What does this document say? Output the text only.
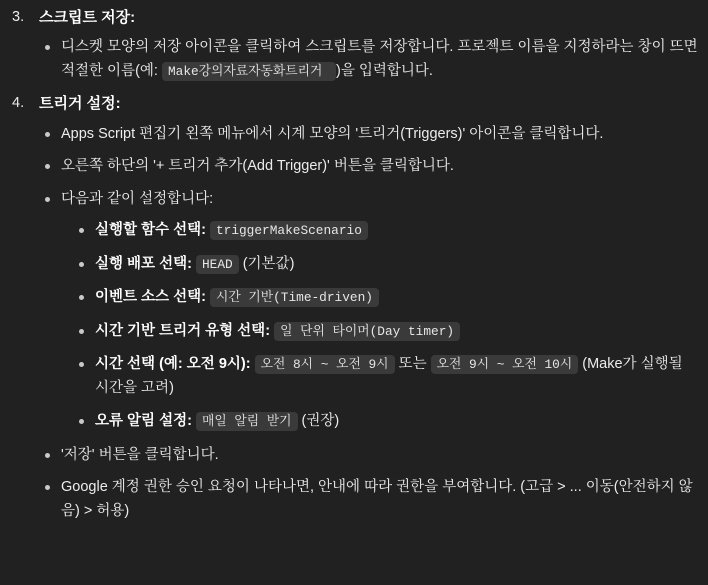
3. 스크립트 저장:
디스켓 모양의 저장 아이콘을 클릭하여 스크립트를 저장합니다. 프로젝트 이름을 지정하라는 창이 뜨면 적절한 이름(예: Make강의자료자동화트리거 )을 입력합니다.
4. 트리거 설정:
Apps Script 편집기 왼쪽 메뉴에서 시계 모양의 '트리거(Triggers)' 아이콘을 클릭합니다.
오른쪽 하단의 '+ 트리거 추가(Add Trigger)' 버튼을 클릭합니다.
다음과 같이 설정합니다:
실행할 함수 선택: triggerMakeScenario
실행 배포 선택: HEAD (기본값)
이벤트 소스 선택: 시간 기반(Time-driven)
시간 기반 트리거 유형 선택: 일 단위 타이머(Day timer)
시간 선택 (예: 오전 9시): 오전 8시 ~ 오전 9시 또는 오전 9시 ~ 오전 10시 (Make가 실행될 시간을 고려)
오류 알림 설정: 매일 알림 받기 (권장)
'저장' 버튼을 클릭합니다.
Google 계정 권한 승인 요청이 나타나면, 안내에 따라 권한을 부여합니다. (고급 > ... 이동(안전하지 않음) > 허용)
